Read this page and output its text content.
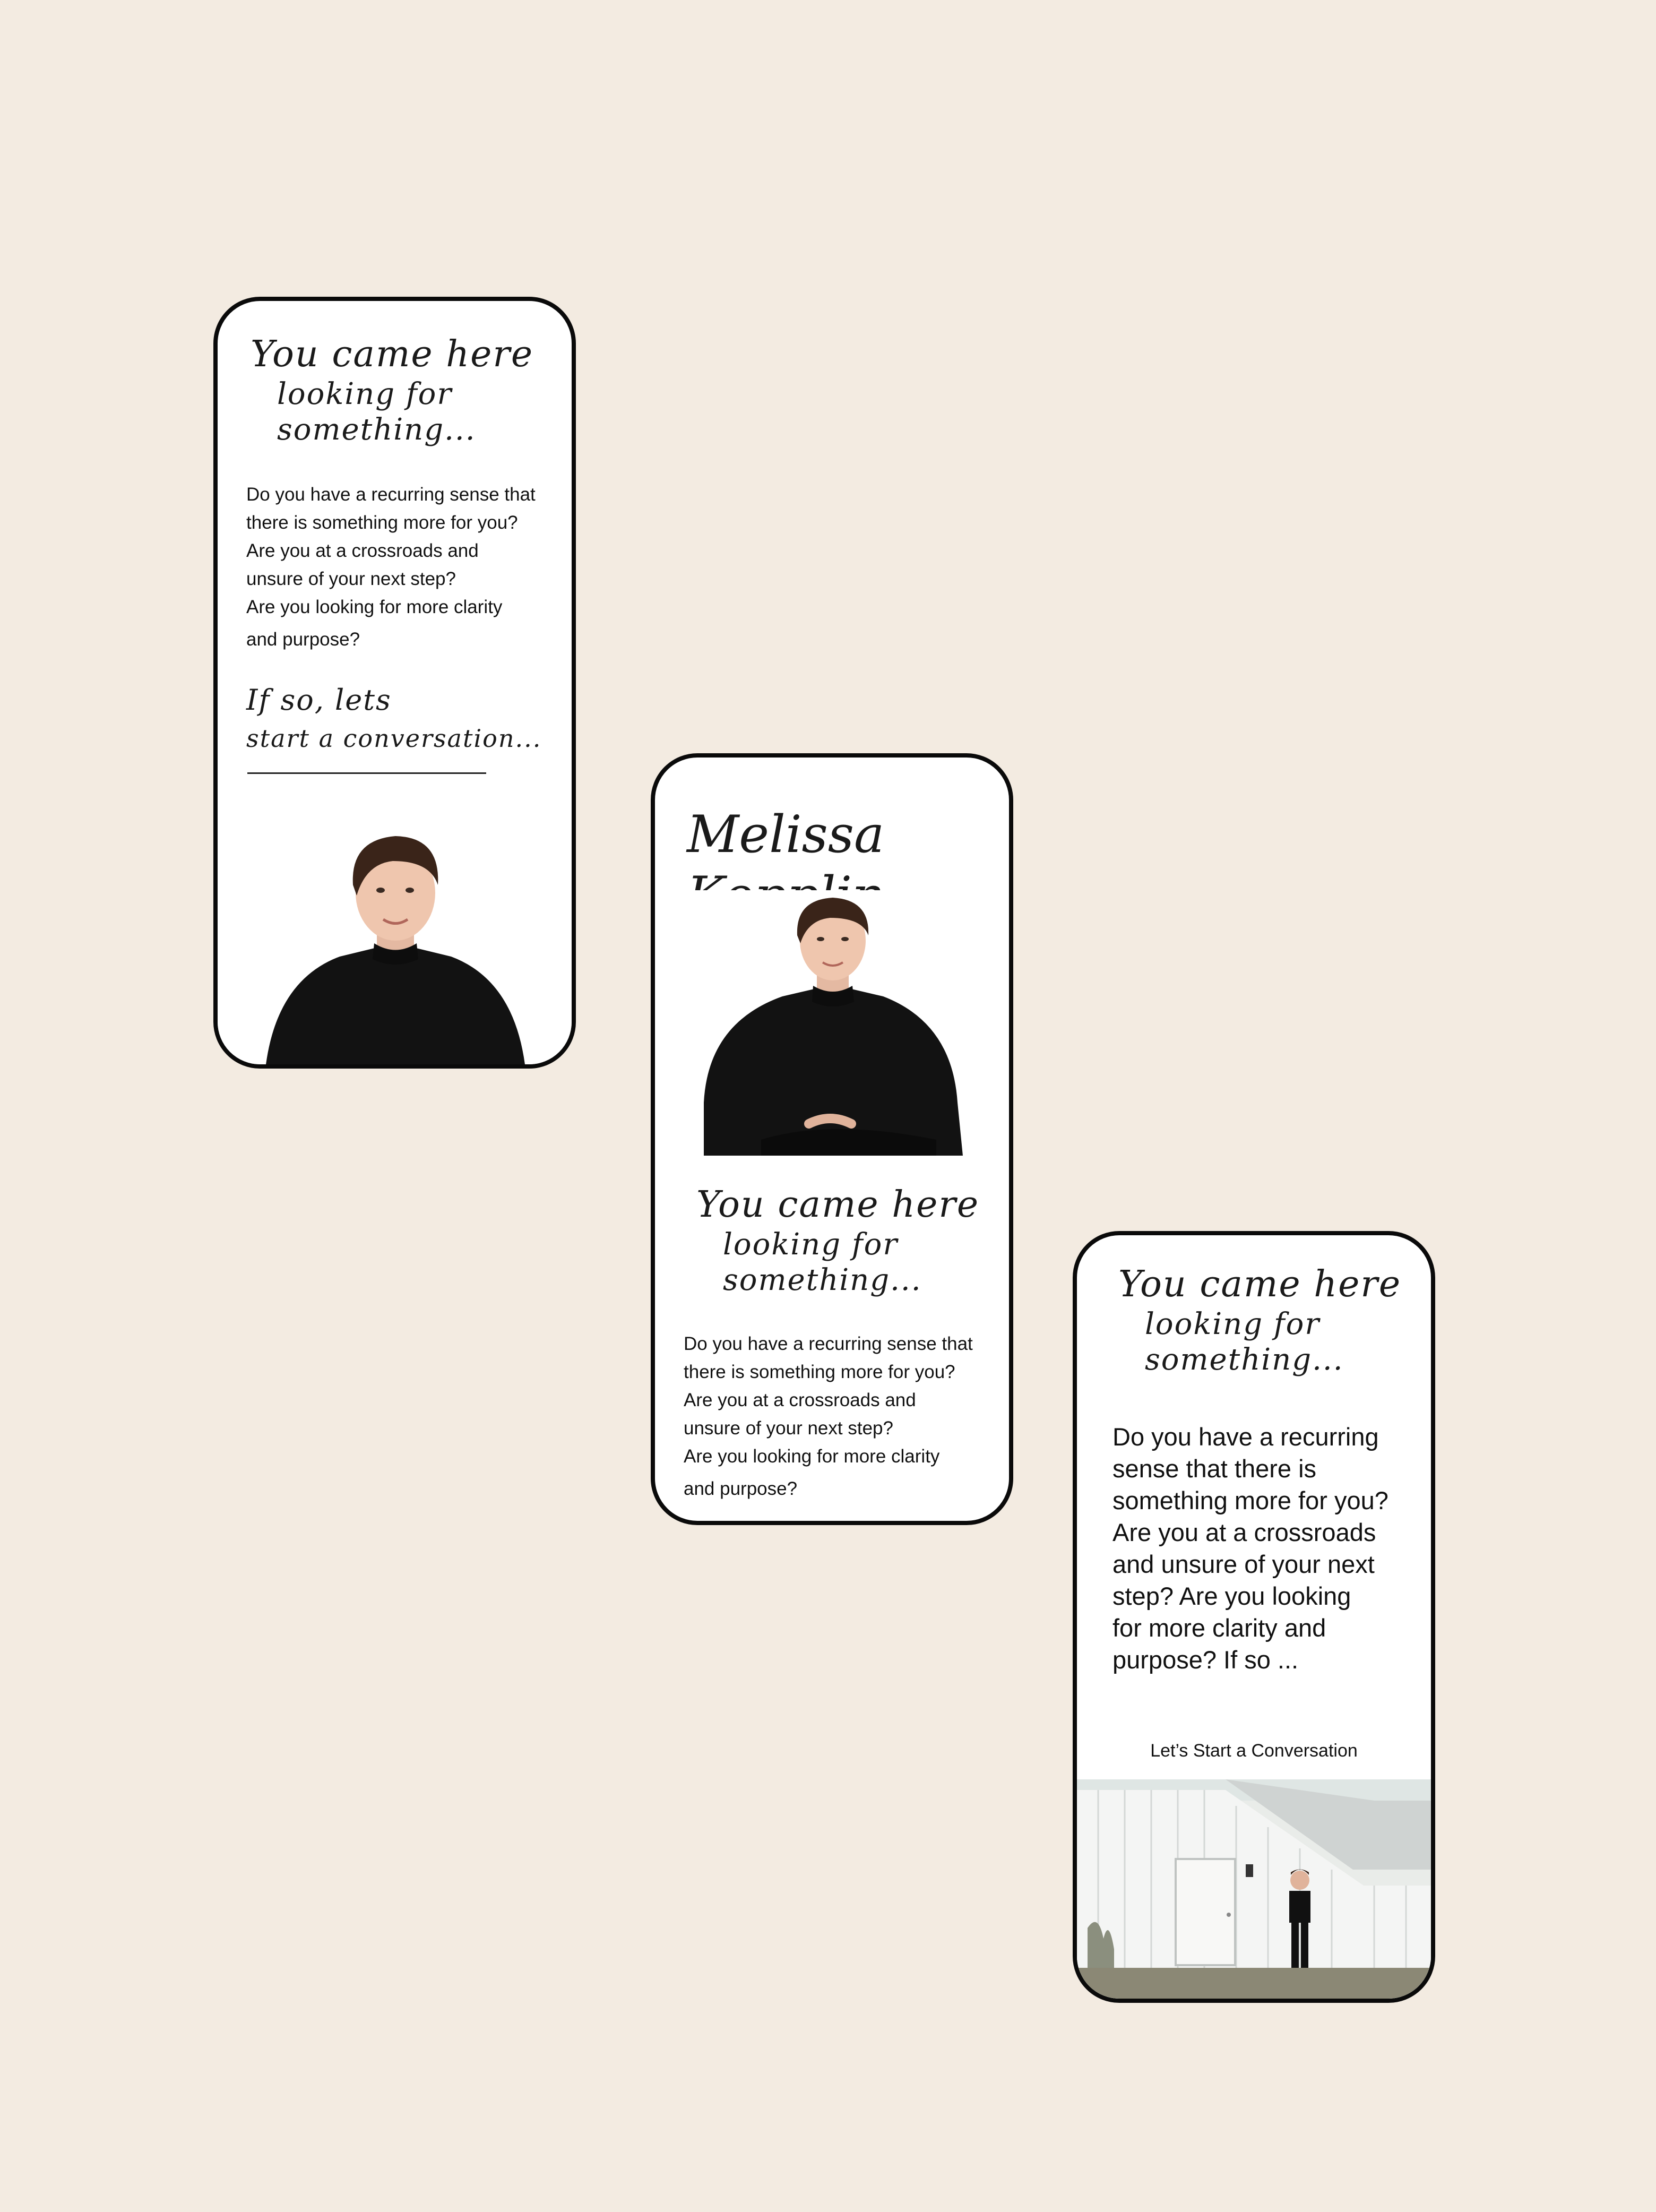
You came here
looking for something...

Do you have a recurring sense that
there is something more for you?
Are you at a crossroads and
unsure of your next step?
Are you looking for more clarity
and purpose?

If so, lets
start a conversation...
Melissa
You came here
looking for something...

Do you have a recurring sense that
there is something more for you?
Are you at a crossroads and
unsure of your next step?
Are you looking for more clarity
and purpose?

You came here
looking for something...

Do you have a recurring
sense that there is
something more for you?
Are you at a crossroads
and unsure of your next
step? Are you looking
for more clarity and
purpose? If so ...

Let’s Start a Conversation
